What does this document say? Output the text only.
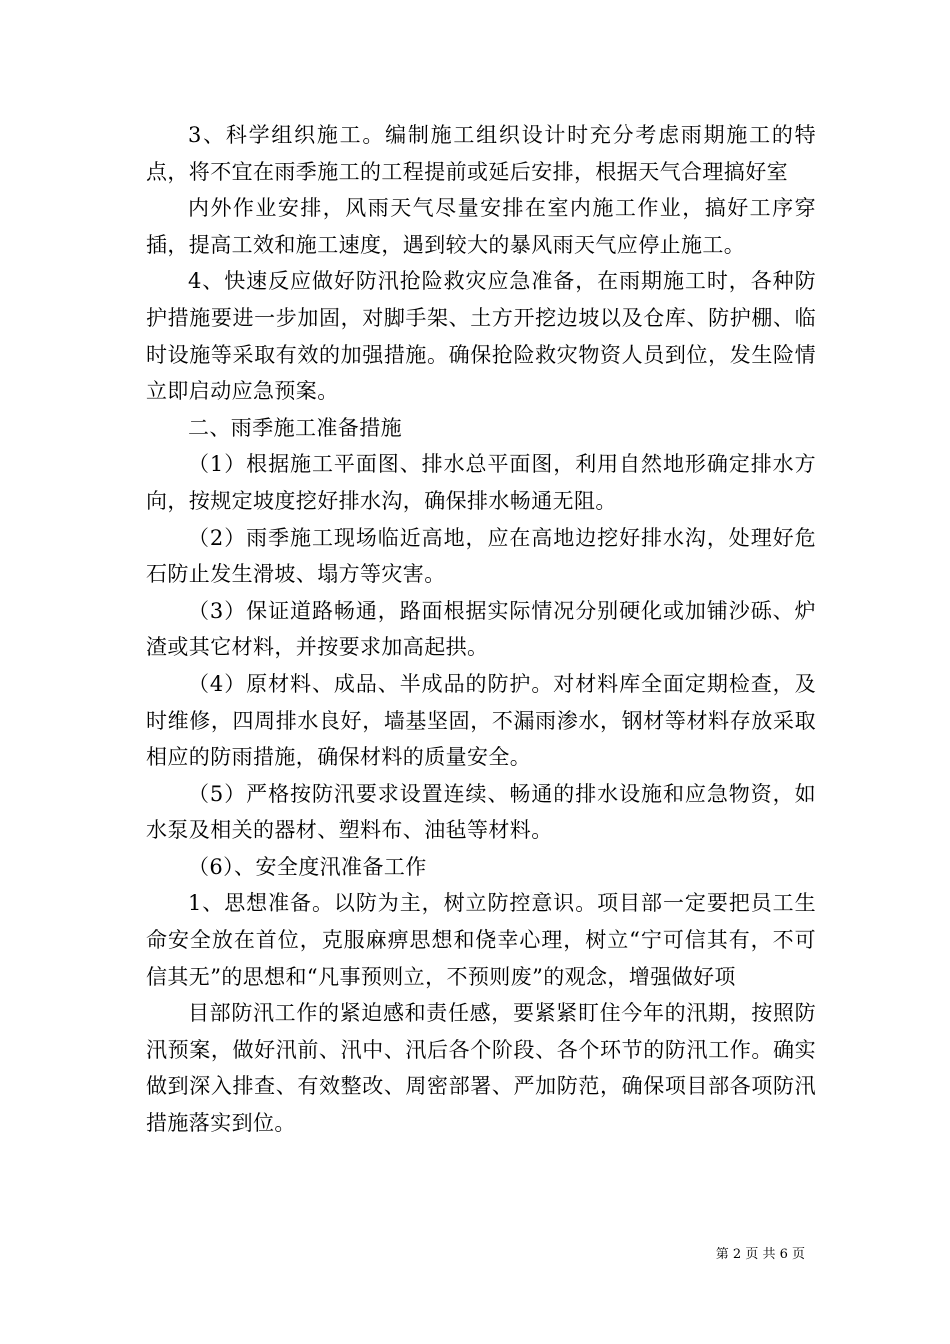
3、科学组织施工。编制施工组织设计时充分考虑雨期施工的特点，将不宜在雨季施工的工程提前或延后安排，根据天气合理搞好室

内外作业安排，风雨天气尽量安排在室内施工作业，搞好工序穿插，提高工效和施工速度，遇到较大的暴风雨天气应停止施工。

4、快速反应做好防汛抢险救灾应急准备，在雨期施工时，各种防护措施要进一步加固，对脚手架、土方开挖边坡以及仓库、防护棚、临时设施等采取有效的加强措施。确保抢险救灾物资人员到位，发生险情立即启动应急预案。

二、雨季施工准备措施

（1）根据施工平面图、排水总平面图，利用自然地形确定排水方向，按规定坡度挖好排水沟，确保排水畅通无阻。

（2）雨季施工现场临近高地，应在高地边挖好排水沟，处理好危石防止发生滑坡、塌方等灾害。

（3）保证道路畅通，路面根据实际情况分别硬化或加铺沙砾、炉渣或其它材料，并按要求加高起拱。

（4）原材料、成品、半成品的防护。对材料库全面定期检查，及时维修，四周排水良好，墙基坚固，不漏雨渗水，钢材等材料存放采取相应的防雨措施，确保材料的质量安全。

（5）严格按防汛要求设置连续、畅通的排水设施和应急物资，如水泵及相关的器材、塑料布、油毡等材料。

（6）、安全度汛准备工作

1、思想准备。以防为主，树立防控意识。项目部一定要把员工生命安全放在首位，克服麻痹思想和侥幸心理，树立“宁可信其有，不可信其无”的思想和“凡事预则立，不预则废”的观念，增强做好项

目部防汛工作的紧迫感和责任感，要紧紧盯住今年的汛期，按照防汛预案，做好汛前、汛中、汛后各个阶段、各个环节的防汛工作。确实做到深入排查、有效整改、周密部署、严加防范，确保项目部各项防汛措施落实到位。

第 2 页 共 6 页
